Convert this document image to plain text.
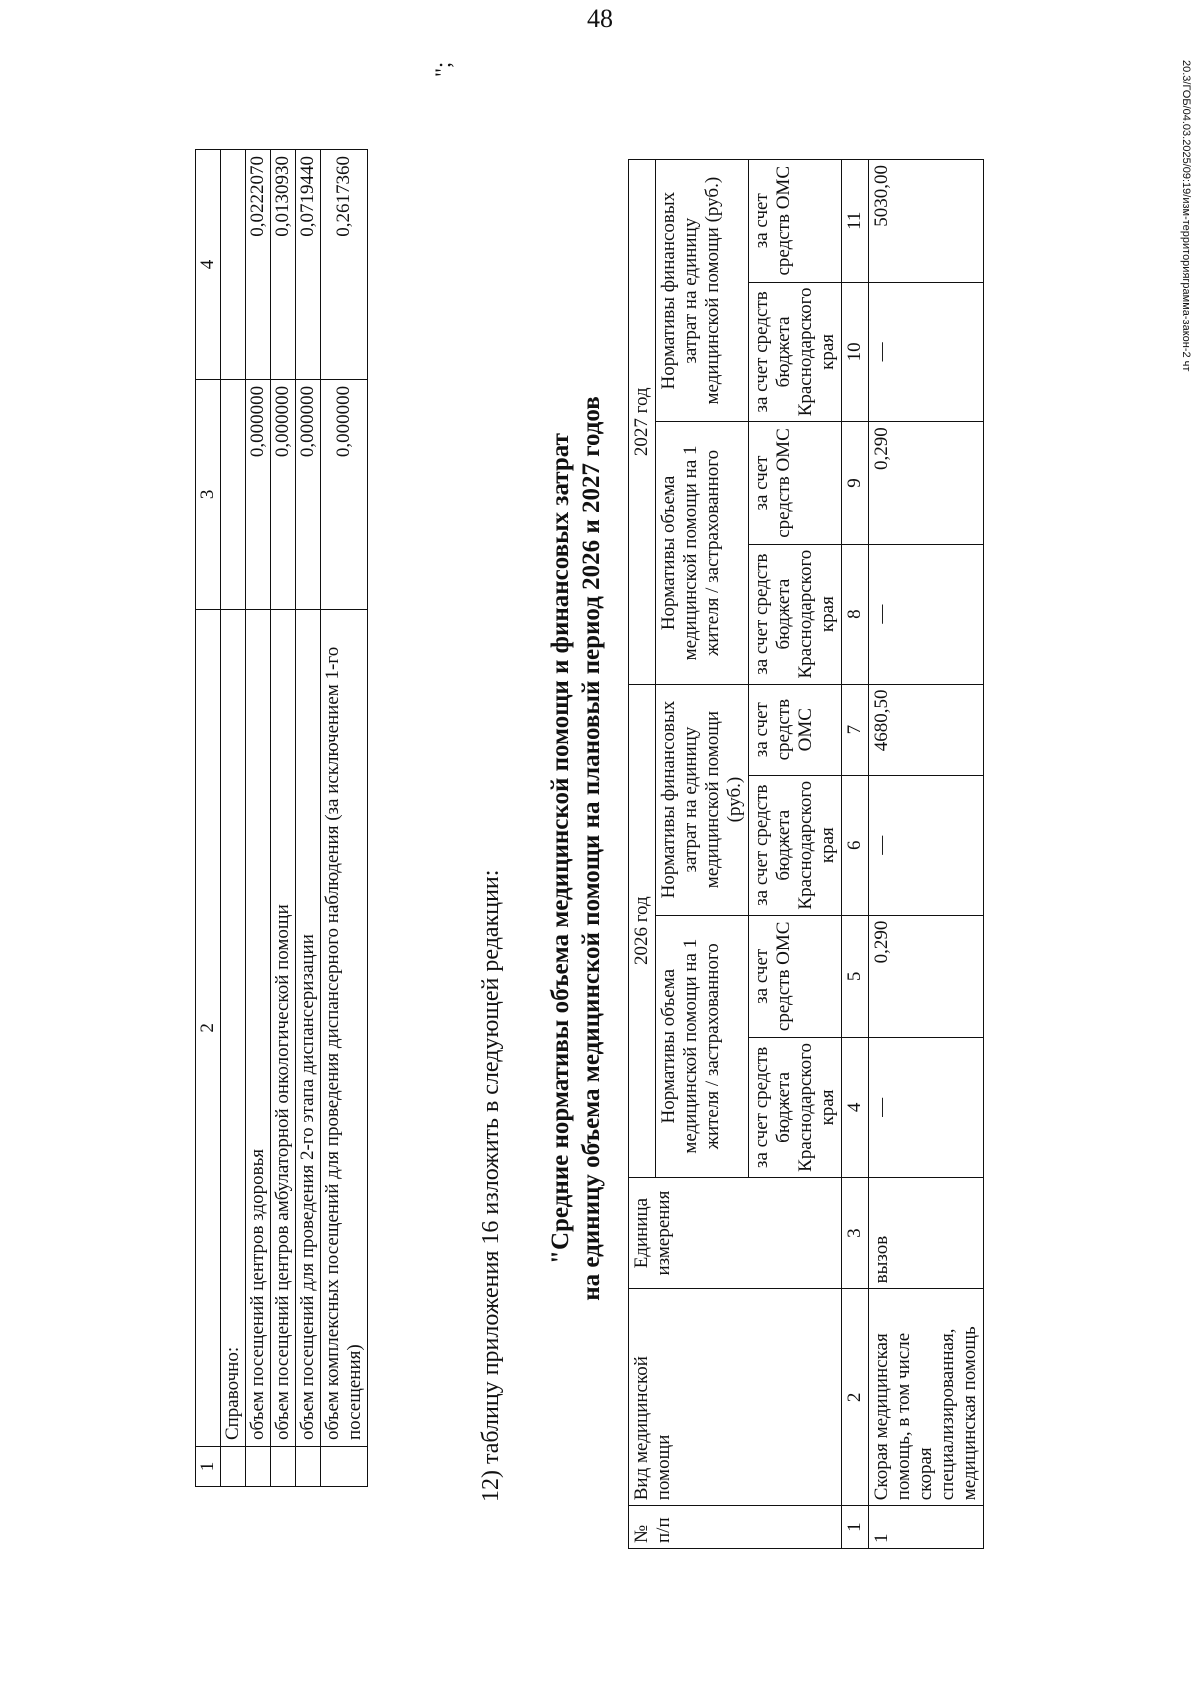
48
20.3/ГОБ/04.03.2025/09:19/изм-территорияграмма-закон-2 чт
1	2	3	4
	Справочно:		
	объем посещений центров здоровья	0,000000	0,0222070
	объем посещений центров амбулаторной онкологической помощи	0,000000	0,0130930
	объем посещений для проведения 2-го этапа диспансеризации	0,000000	0,0719440
	объем комплексных посещений для проведения диспансерного наблюдения (за исключением 1-го посещения)	0,000000	0,2617360
";
12) таблицу приложения 16 изложить в следующей редакции: "Средние нормативы объема медицинской помощи и финансовых затрат на единицу объема медицинской помощи на плановый период 2026 и 2027 годов
№ п/п	Вид медицинской помощи	Единица измерения	2026 год				2027 год			
			Нормативы объема медицинской помощи на 1 жителя / застрахованного		Нормативы финансовых затрат на единицу медицинской помощи (руб.)		Нормативы объема медицинской помощи на 1 жителя / застрахованного		Нормативы финансовых затрат на единицу медицинской помощи (руб.)	
			за счет средств бюджета Краснодарского края	за счет средств ОМС	за счет средств бюджета Краснодарского края	за счет средств ОМС	за счет средств бюджета Краснодарского края	за счет средств ОМС	за счет средств бюджета Краснодарского края	за счет средств ОМС
1	2	3	4	5	6	7	8	9	10	11
1	Скорая медицинская помощь, в том числе скорая специализированная, медицинская помощь	вызов	—	0,290	—	4680,50	—	0,290	—	5030,00
